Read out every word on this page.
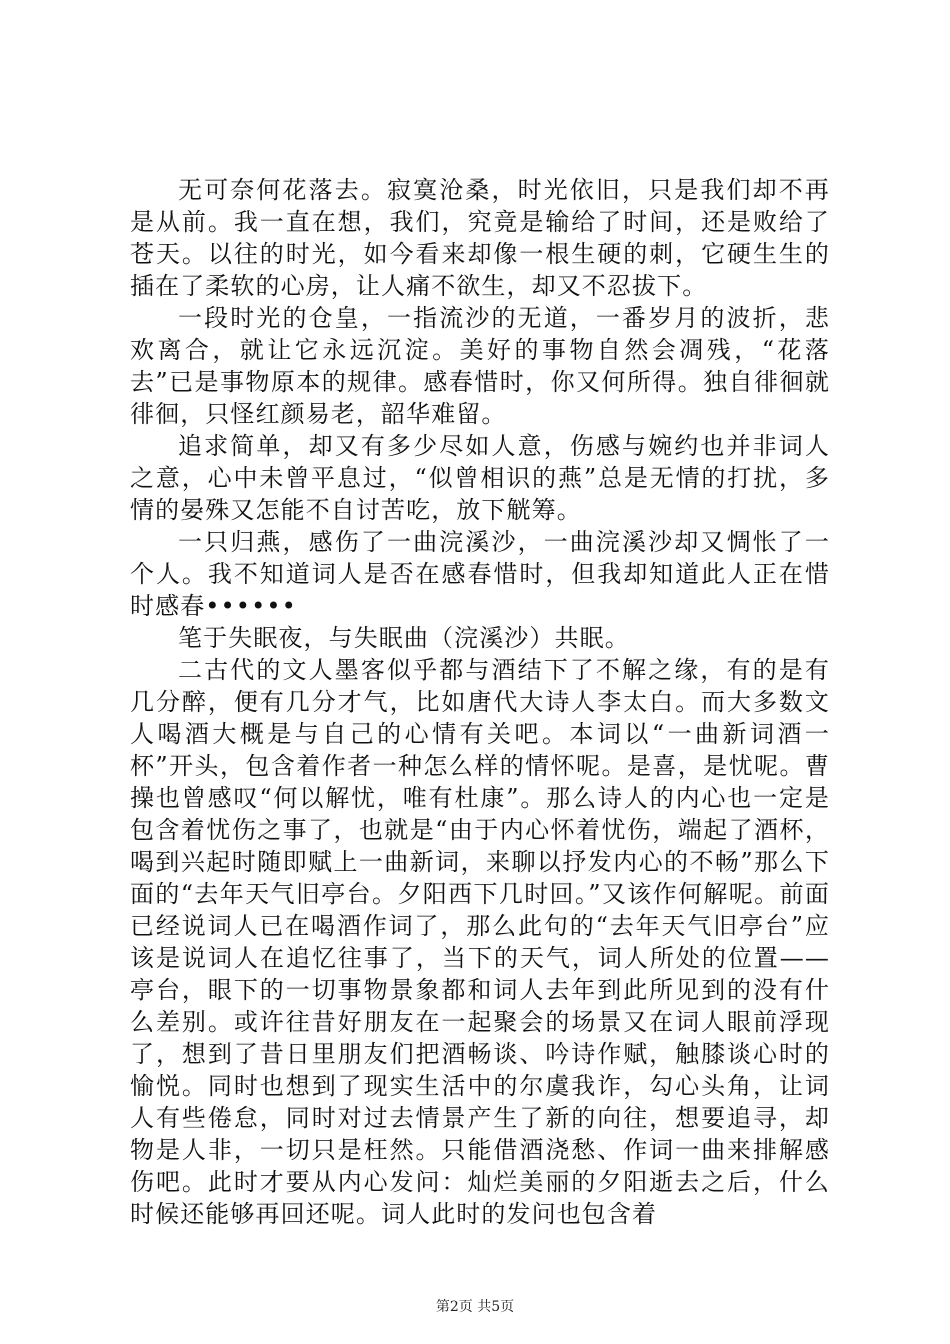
无可奈何花落去。寂寞沧桑，时光依旧，只是我们却不再是从前。我一直在想，我们，究竟是输给了时间，还是败给了苍天。以往的时光，如今看来却像一根生硬的刺，它硬生生的插在了柔软的心房，让人痛不欲生，却又不忍拔下。

一段时光的仓皇，一指流沙的无道，一番岁月的波折，悲欢离合，就让它永远沉淀。美好的事物自然会凋残，“花落去”已是事物原本的规律。感春惜时，你又何所得。独自徘徊就徘徊，只怪红颜易老，韶华难留。

追求简单，却又有多少尽如人意，伤感与婉约也并非词人之意，心中未曾平息过，“似曾相识的燕”总是无情的打扰，多情的晏殊又怎能不自讨苦吃，放下觥筹。

一只归燕，感伤了一曲浣溪沙，一曲浣溪沙却又惆怅了一个人。我不知道词人是否在感春惜时，但我却知道此人正在惜时感春••••••

笔于失眠夜，与失眠曲（浣溪沙）共眠。

二古代的文人墨客似乎都与酒结下了不解之缘，有的是有几分醉，便有几分才气，比如唐代大诗人李太白。而大多数文人喝酒大概是与自己的心情有关吧。本词以“一曲新词酒一杯”开头，包含着作者一种怎么样的情怀呢。是喜，是忧呢。曹操也曾感叹“何以解忧，唯有杜康”。那么诗人的内心也一定是包含着忧伤之事了，也就是“由于内心怀着忧伤，端起了酒杯，喝到兴起时随即赋上一曲新词，来聊以抒发内心的不畅”那么下面的“去年天气旧亭台。夕阳西下几时回。”又该作何解呢。前面已经说词人已在喝酒作词了，那么此句的“去年天气旧亭台”应该是说词人在追忆往事了，当下的天气，词人所处的位置——亭台，眼下的一切事物景象都和词人去年到此所见到的没有什么差别。或许往昔好朋友在一起聚会的场景又在词人眼前浮现了，想到了昔日里朋友们把酒畅谈、吟诗作赋，触膝谈心时的愉悦。同时也想到了现实生活中的尔虞我诈，勾心头角，让词人有些倦怠，同时对过去情景产生了新的向往，想要追寻，却物是人非，一切只是枉然。只能借酒浇愁、作词一曲来排解感伤吧。此时才要从内心发问：灿烂美丽的夕阳逝去之后，什么时候还能够再回还呢。词人此时的发问也包含着

第2页 共5页
